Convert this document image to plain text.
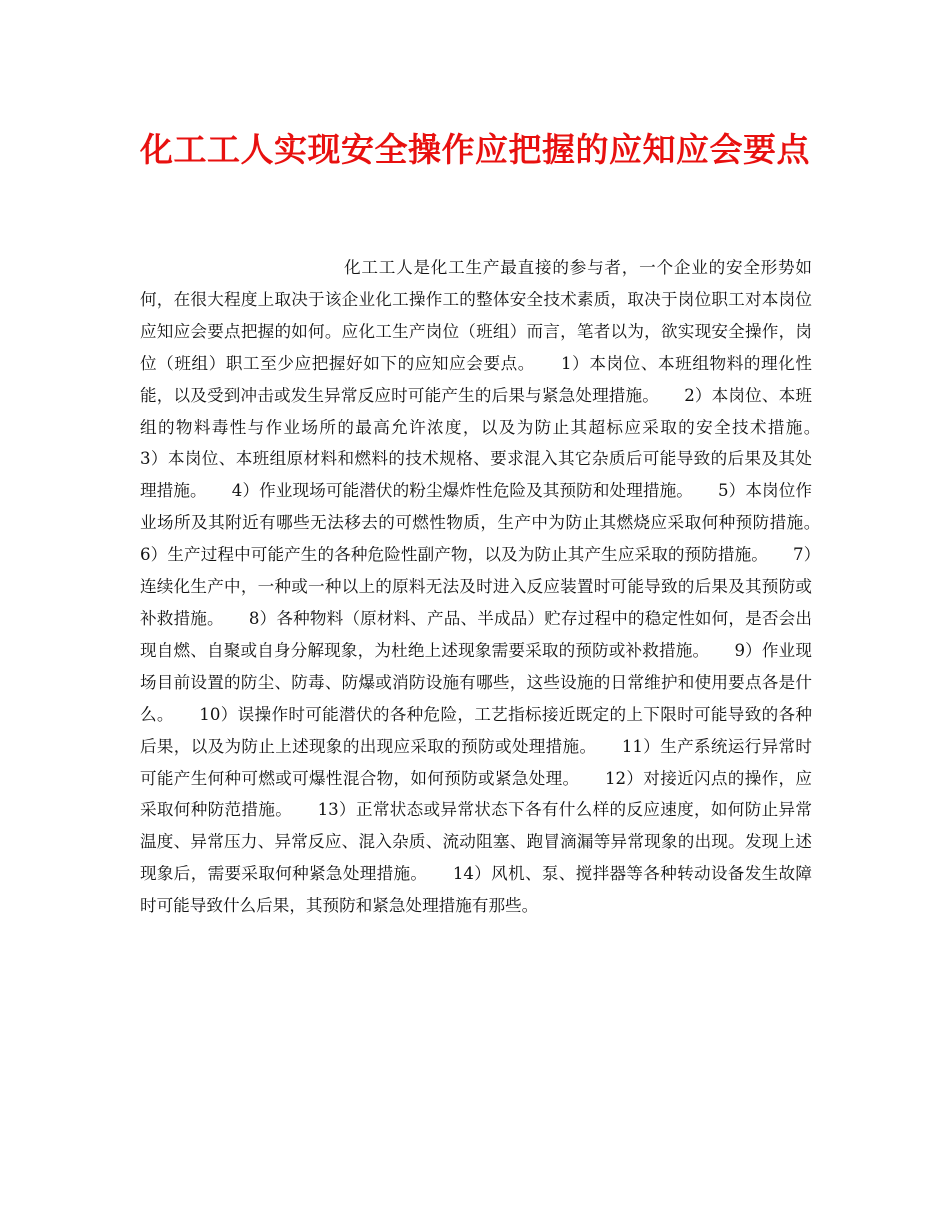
化工工人实现安全操作应把握的应知应会要点

化工工人是化工生产最直接的参与者，一个企业的安全形势如何，在很大程度上取决于该企业化工操作工的整体安全技术素质，取决于岗位职工对本岗位应知应会要点把握的如何。应化工生产岗位（班组）而言，笔者以为，欲实现安全操作，岗位（班组）职工至少应把握好如下的应知应会要点。　　1）本岗位、本班组物料的理化性能，以及受到冲击或发生异常反应时可能产生的后果与紧急处理措施。　　2）本岗位、本班组的物料毒性与作业场所的最高允许浓度，以及为防止其超标应采取的安全技术措施。　　3）本岗位、本班组原材料和燃料的技术规格、要求混入其它杂质后可能导致的后果及其处理措施。　　4）作业现场可能潜伏的粉尘爆炸性危险及其预防和处理措施。　　5）本岗位作业场所及其附近有哪些无法移去的可燃性物质，生产中为防止其燃烧应采取何种预防措施。　　6）生产过程中可能产生的各种危险性副产物，以及为防止其产生应采取的预防措施。　　7）连续化生产中，一种或一种以上的原料无法及时进入反应装置时可能导致的后果及其预防或补救措施。　　8）各种物料（原材料、产品、半成品）贮存过程中的稳定性如何，是否会出现自燃、自聚或自身分解现象，为杜绝上述现象需要采取的预防或补救措施。　　9）作业现场目前设置的防尘、防毒、防爆或消防设施有哪些，这些设施的日常维护和使用要点各是什么。　　10）误操作时可能潜伏的各种危险，工艺指标接近既定的上下限时可能导致的各种后果，以及为防止上述现象的出现应采取的预防或处理措施。　　11）生产系统运行异常时可能产生何种可燃或可爆性混合物，如何预防或紧急处理。　　12）对接近闪点的操作，应采取何种防范措施。　　13）正常状态或异常状态下各有什么样的反应速度，如何防止异常温度、异常压力、异常反应、混入杂质、流动阻塞、跑冒滴漏等异常现象的出现。发现上述现象后，需要采取何种紧急处理措施。　　14）风机、泵、搅拌器等各种转动设备发生故障时可能导致什么后果，其预防和紧急处理措施有那些。
